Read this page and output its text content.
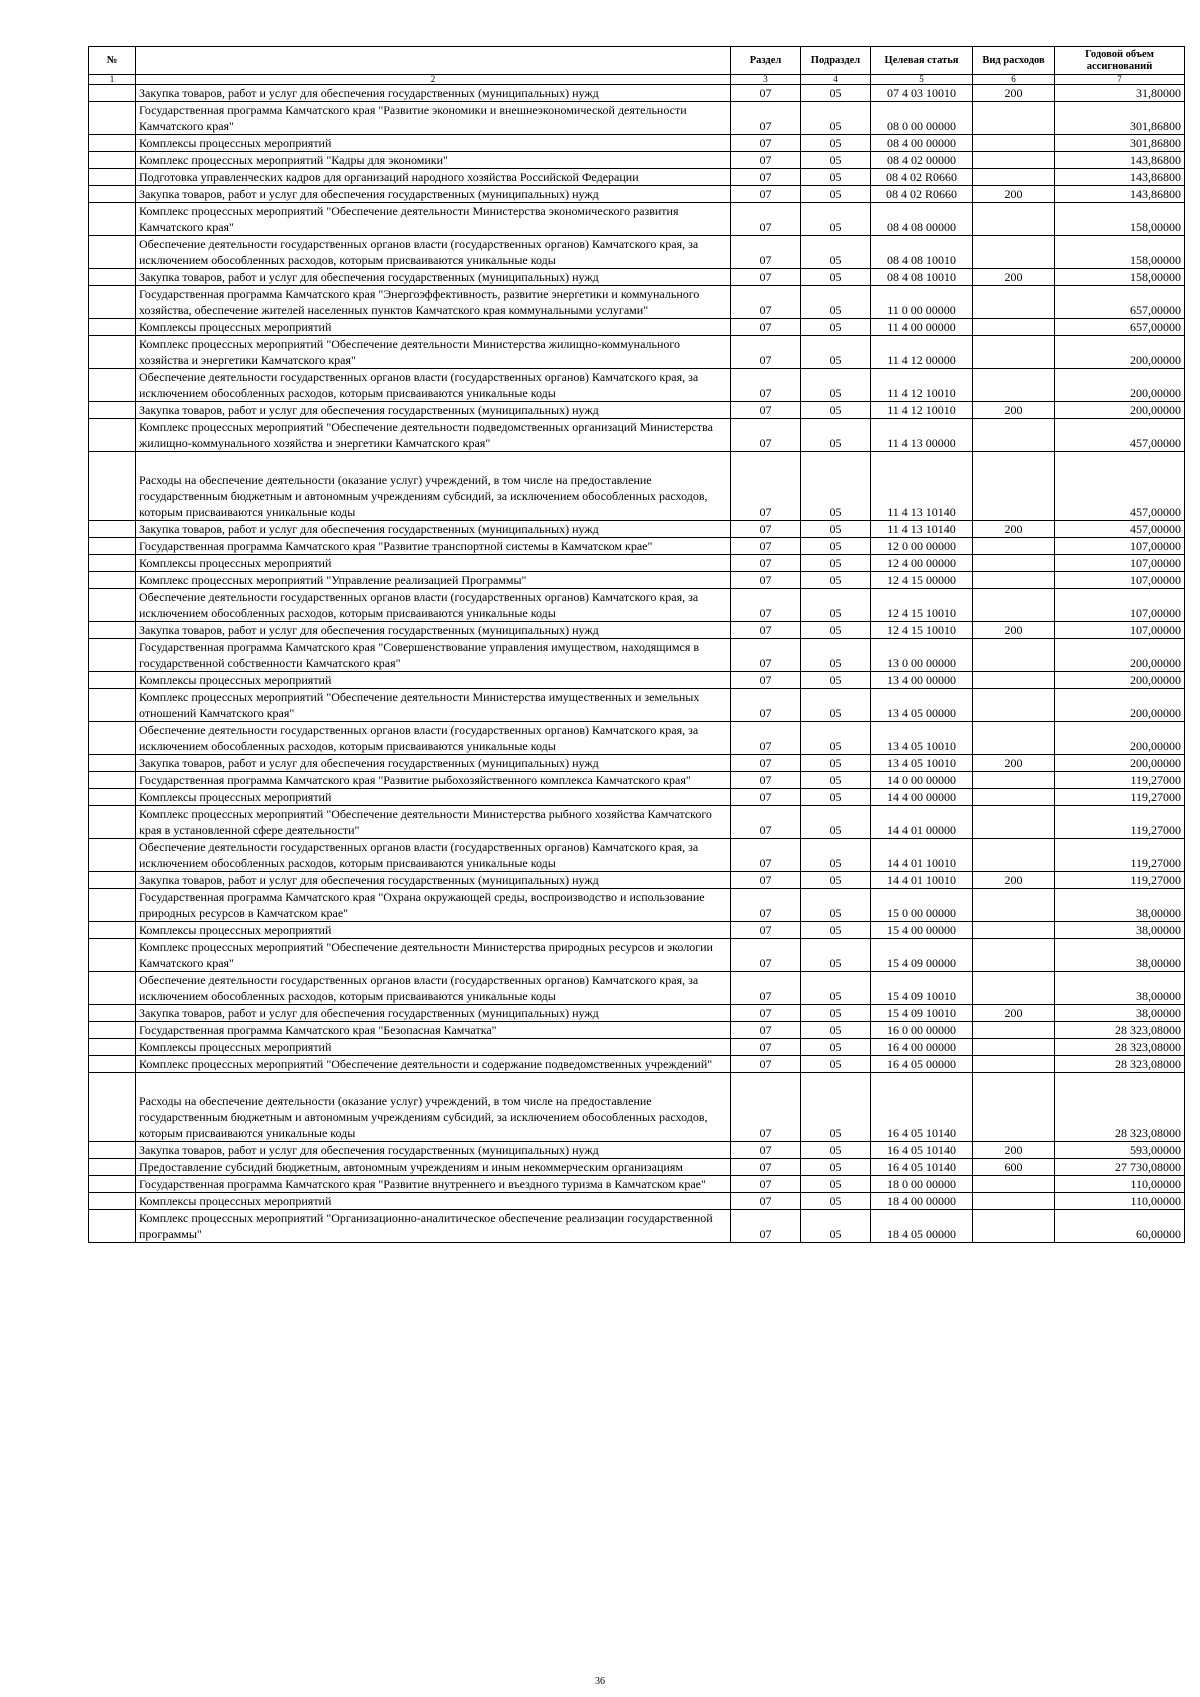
№		Раздел	Подраздел	Целевая статья	Вид расходов	Годовой объем ассигнований
1	2	3	4	5	6	7
	Закупка товаров, работ и услуг для обеспечения государственных (муниципальных) нужд	07	05	07 4 03 10010	200	31,80000
	Государственная программа Камчатского края "Развитие экономики и внешнеэкономической деятельности Камчатского края"	07	05	08 0 00 00000		301,86800
	Комплексы процессных мероприятий	07	05	08 4 00 00000		301,86800
	Комплекс процессных мероприятий "Кадры для экономики"	07	05	08 4 02 00000		143,86800
	Подготовка управленческих кадров для организаций народного хозяйства Российской Федерации	07	05	08 4 02 R0660		143,86800
	Закупка товаров, работ и услуг для обеспечения государственных (муниципальных) нужд	07	05	08 4 02 R0660	200	143,86800
	Комплекс процессных мероприятий "Обеспечение деятельности Министерства экономического развития Камчатского края"	07	05	08 4 08 00000		158,00000
	Обеспечение деятельности государственных органов власти (государственных органов) Камчатского края, за исключением обособленных расходов, которым присваиваются уникальные коды	07	05	08 4 08 10010		158,00000
	Закупка товаров, работ и услуг для обеспечения государственных (муниципальных) нужд	07	05	08 4 08 10010	200	158,00000
	Государственная программа Камчатского края "Энергоэффективность, развитие энергетики и коммунального хозяйства, обеспечение жителей населенных пунктов Камчатского края коммунальными услугами"	07	05	11 0 00 00000		657,00000
	Комплексы процессных мероприятий	07	05	11 4 00 00000		657,00000
	Комплекс процессных мероприятий "Обеспечение деятельности Министерства жилищно-коммунального хозяйства и энергетики Камчатского края"	07	05	11 4 12 00000		200,00000
	Обеспечение деятельности государственных органов власти (государственных органов) Камчатского края, за исключением обособленных расходов, которым присваиваются уникальные коды	07	05	11 4 12 10010		200,00000
	Закупка товаров, работ и услуг для обеспечения государственных (муниципальных) нужд	07	05	11 4 12 10010	200	200,00000
	Комплекс процессных мероприятий "Обеспечение деятельности подведомственных организаций Министерства жилищно-коммунального хозяйства и энергетики Камчатского края"	07	05	11 4 13 00000		457,00000

	Расходы на обеспечение деятельности (оказание услуг) учреждений, в том числе на предоставление государственным бюджетным и автономным учреждениям субсидий, за исключением обособленных расходов, которым присваиваются уникальные коды	07	05	11 4 13 10140		457,00000
	Закупка товаров, работ и услуг для обеспечения государственных (муниципальных) нужд	07	05	11 4 13 10140	200	457,00000
	Государственная программа Камчатского края "Развитие транспортной системы в Камчатском крае"	07	05	12 0 00 00000		107,00000
	Комплексы процессных мероприятий	07	05	12 4 00 00000		107,00000
	Комплекс процессных мероприятий "Управление реализацией Программы"	07	05	12 4 15 00000		107,00000
	Обеспечение деятельности государственных органов власти (государственных органов) Камчатского края, за исключением обособленных расходов, которым присваиваются уникальные коды	07	05	12 4 15 10010		107,00000
	Закупка товаров, работ и услуг для обеспечения государственных (муниципальных) нужд	07	05	12 4 15 10010	200	107,00000
	Государственная программа Камчатского края "Совершенствование управления имуществом, находящимся в государственной собственности Камчатского края"	07	05	13 0 00 00000		200,00000
	Комплексы процессных мероприятий	07	05	13 4 00 00000		200,00000
	Комплекс процессных мероприятий "Обеспечение деятельности Министерства имущественных и земельных отношений Камчатского края"	07	05	13 4 05 00000		200,00000
	Обеспечение деятельности государственных органов власти (государственных органов) Камчатского края, за исключением обособленных расходов, которым присваиваются уникальные коды	07	05	13 4 05 10010		200,00000
	Закупка товаров, работ и услуг для обеспечения государственных (муниципальных) нужд	07	05	13 4 05 10010	200	200,00000
	Государственная программа Камчатского края "Развитие рыбохозяйственного комплекса Камчатского края"	07	05	14 0 00 00000		119,27000
	Комплексы процессных мероприятий	07	05	14 4 00 00000		119,27000
	Комплекс процессных мероприятий "Обеспечение деятельности Министерства рыбного хозяйства Камчатского края в установленной сфере деятельности"	07	05	14 4 01 00000		119,27000
	Обеспечение деятельности государственных органов власти (государственных органов) Камчатского края, за исключением обособленных расходов, которым присваиваются уникальные коды	07	05	14 4 01 10010		119,27000
	Закупка товаров, работ и услуг для обеспечения государственных (муниципальных) нужд	07	05	14 4 01 10010	200	119,27000
	Государственная программа Камчатского края "Охрана окружающей среды, воспроизводство и использование природных ресурсов в Камчатском крае"	07	05	15 0 00 00000		38,00000
	Комплексы процессных мероприятий	07	05	15 4 00 00000		38,00000
	Комплекс процессных мероприятий "Обеспечение деятельности Министерства природных ресурсов и экологии Камчатского края"	07	05	15 4 09 00000		38,00000
	Обеспечение деятельности государственных органов власти (государственных органов) Камчатского края, за исключением обособленных расходов, которым присваиваются уникальные коды	07	05	15 4 09 10010		38,00000
	Закупка товаров, работ и услуг для обеспечения государственных (муниципальных) нужд	07	05	15 4 09 10010	200	38,00000
	Государственная программа Камчатского края "Безопасная Камчатка"	07	05	16 0 00 00000		28 323,08000
	Комплексы процессных мероприятий	07	05	16 4 00 00000		28 323,08000
	Комплекс процессных мероприятий "Обеспечение деятельности и содержание подведомственных учреждений"	07	05	16 4 05 00000		28 323,08000

	Расходы на обеспечение деятельности (оказание услуг) учреждений, в том числе на предоставление государственным бюджетным и автономным учреждениям субсидий, за исключением обособленных расходов, которым присваиваются уникальные коды	07	05	16 4 05 10140		28 323,08000
	Закупка товаров, работ и услуг для обеспечения государственных (муниципальных) нужд	07	05	16 4 05 10140	200	593,00000
	Предоставление субсидий бюджетным, автономным учреждениям и иным некоммерческим организациям	07	05	16 4 05 10140	600	27 730,08000
	Государственная программа Камчатского края "Развитие внутреннего и въездного туризма в Камчатском крае"	07	05	18 0 00 00000		110,00000
	Комплексы процессных мероприятий	07	05	18 4 00 00000		110,00000
	Комплекс процессных мероприятий "Организационно-аналитическое обеспечение реализации государственной программы"	07	05	18 4 05 00000		60,00000
36
